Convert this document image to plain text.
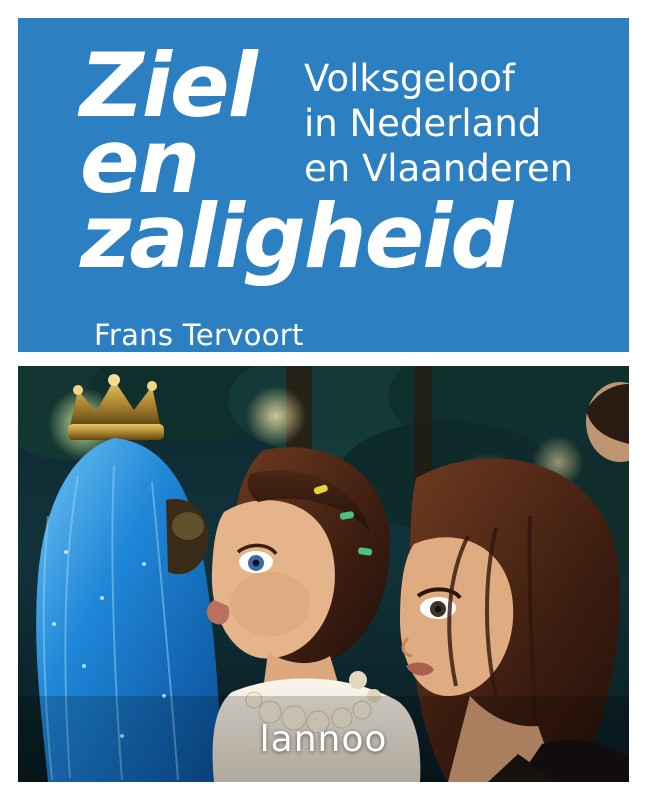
Ziel
en
zaligheid
Volksgeloof
in Nederland
en Vlaanderen
Frans Tervoort
lannoo
